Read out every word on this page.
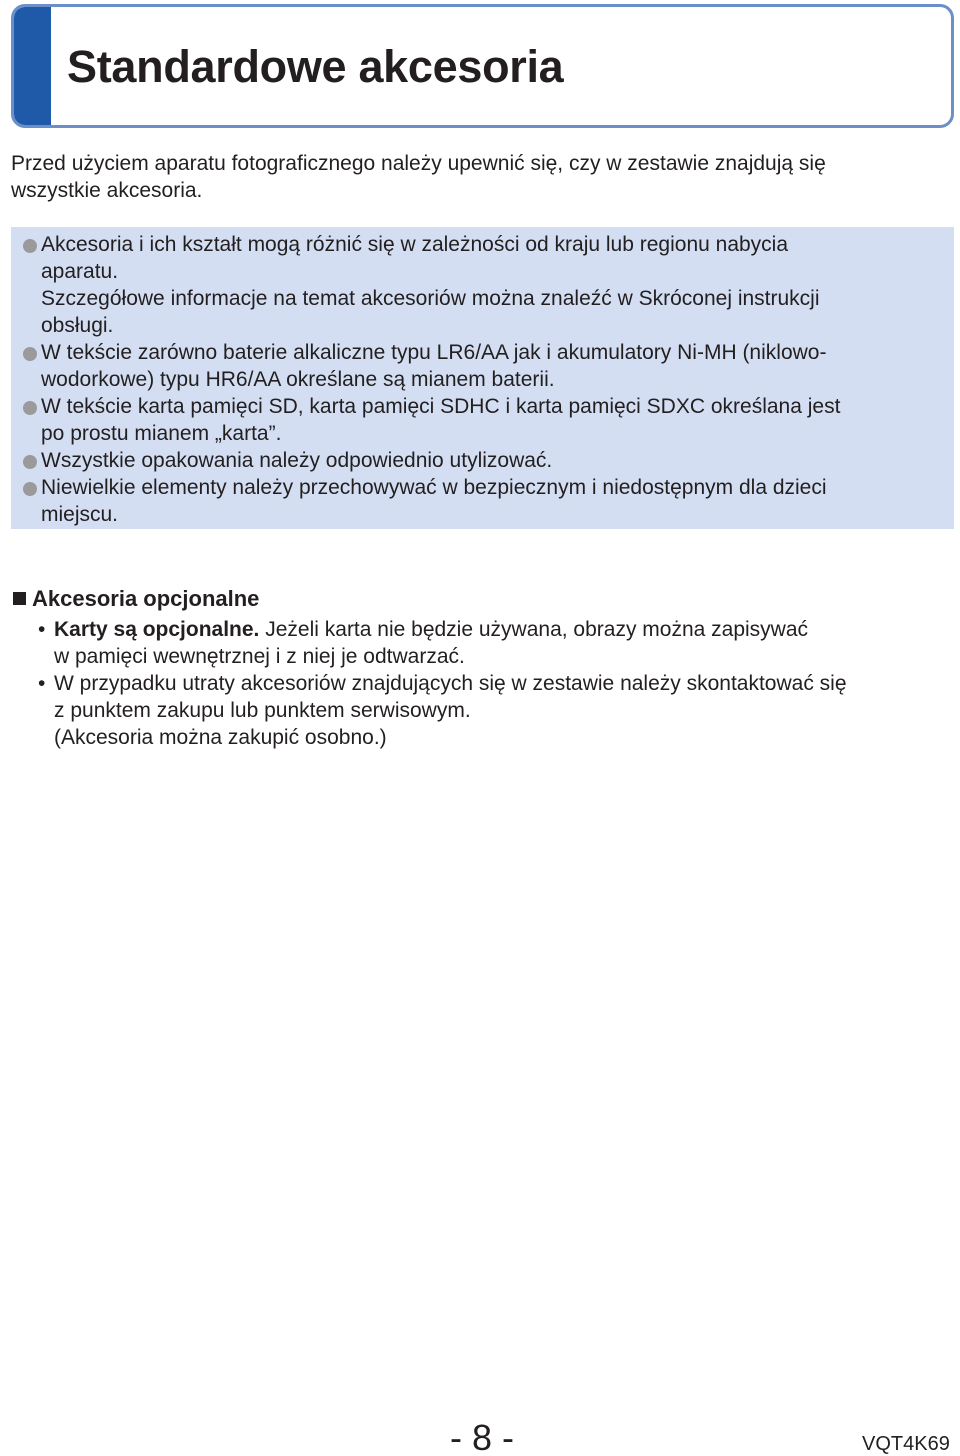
Standardowe akcesoria
Przed użyciem aparatu fotograficznego należy upewnić się, czy w zestawie znajdują się
wszystkie akcesoria.
Akcesoria i ich kształt mogą różnić się w zależności od kraju lub regionu nabycia
aparatu.
Szczegółowe informacje na temat akcesoriów można znaleźć w Skróconej instrukcji
obsługi.
W tekście zarówno baterie alkaliczne typu LR6/AA jak i akumulatory Ni-MH (niklowo-
wodorkowe) typu HR6/AA określane są mianem baterii.
W tekście karta pamięci SD, karta pamięci SDHC i karta pamięci SDXC określana jest
po prostu mianem „karta”.
Wszystkie opakowania należy odpowiednio utylizować.
Niewielkie elementy należy przechowywać w bezpiecznym i niedostępnym dla dzieci
miejscu.
Akcesoria opcjonalne
• Karty są opcjonalne. Jeżeli karta nie będzie używana, obrazy można zapisywać
w pamięci wewnętrznej i z niej je odtwarzać.
• W przypadku utraty akcesoriów znajdujących się w zestawie należy skontaktować się
z punktem zakupu lub punktem serwisowym.
(Akcesoria można zakupić osobno.)
- 8 -	VQT4K69
